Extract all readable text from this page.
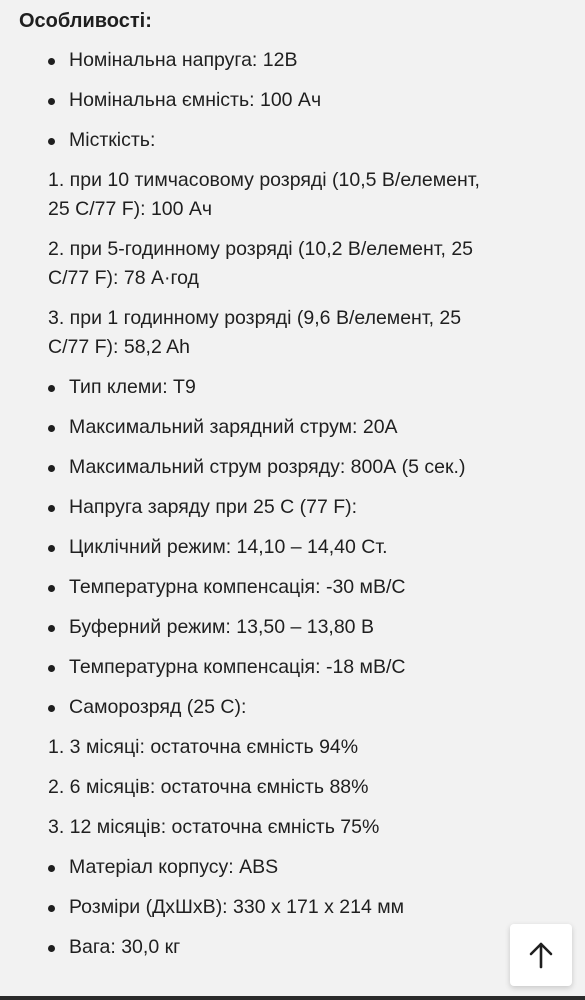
Особливості:
Номінальна напруга: 12В
Номінальна ємність: 100 Ач
Місткість:
1. при 10 тимчасовому розряді (10,5 В/елемент,
25 C/77 F): 100 Ач
2. при 5-годинному розряді (10,2 В/елемент, 25
C/77 F): 78 А·год
3. при 1 годинному розряді (9,6 В/елемент, 25
C/77 F): 58,2 Ah
Тип клеми: T9
Максимальний зарядний струм: 20А
Максимальний струм розряду: 800А (5 сек.)
Напруга заряду при 25 С (77 F):
Циклічний режим: 14,10 – 14,40 Ст.
Температурна компенсація: -30 мВ/С
Буферний режим: 13,50 – 13,80 В
Температурна компенсація: -18 мВ/С
Саморозряд (25 С):
1. 3 місяці: остаточна ємність 94%
2. 6 місяців: остаточна ємність 88%
3. 12 місяців: остаточна ємність 75%
Матеріал корпусу: ABS
Розміри (ДхШхВ): 330 x 171 x 214 мм
Вага: 30,0 кг
